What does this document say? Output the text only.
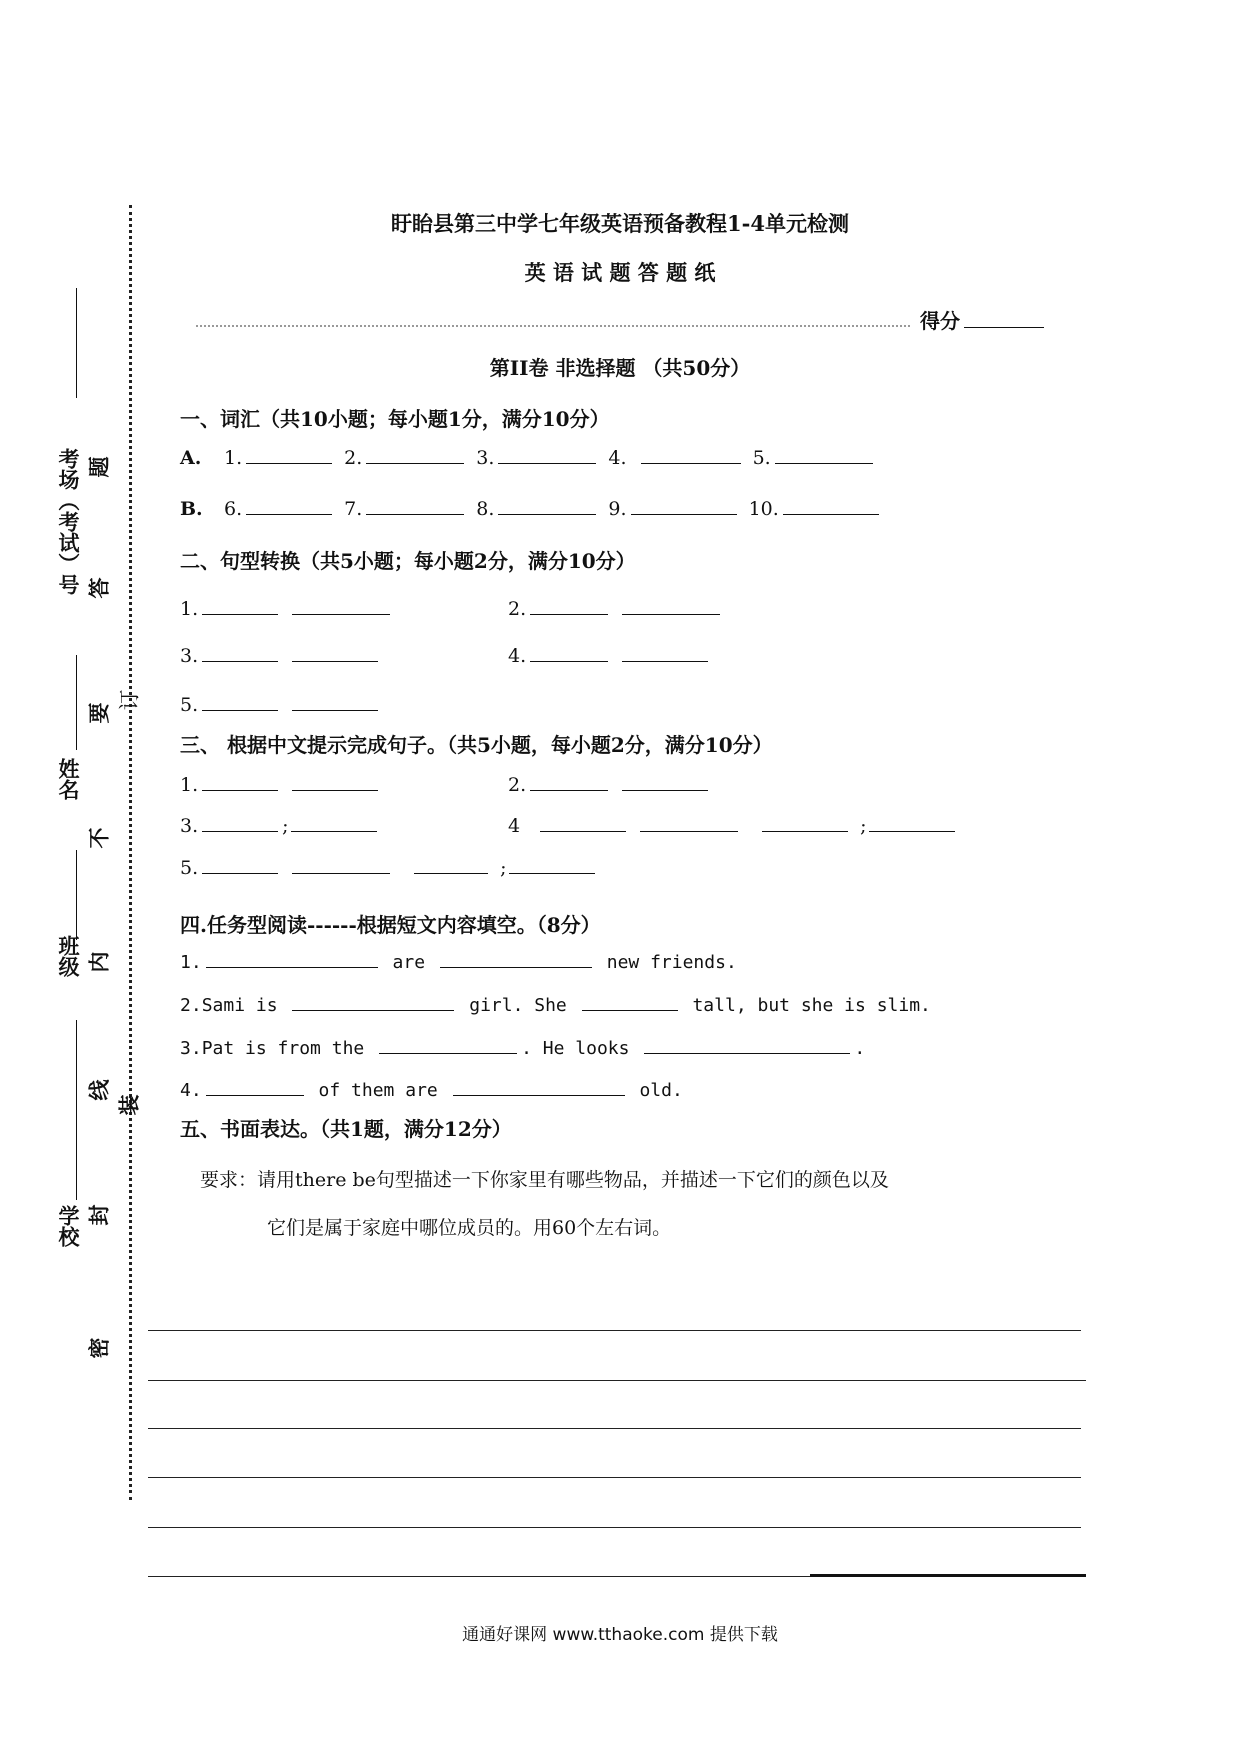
考场（考试）号
姓名
班级
学校
题
答
要
不
内
线
封
密
订
装
盱眙县第三中学七年级英语预备教程1-4单元检测
英 语 试 题 答 题 纸
得分
第II卷 非选择题 （共50分）
一、词汇（共10小题；每小题1分，满分10分）
A. 1.	2.	3.	4.	5.
B. 6.	7.	8.	9.	10.
二、句型转换（共5小题；每小题2分，满分10分）
1.	2.
3.	4.
5.
三、 根据中文提示完成句子。（共5小题，每小题2分，满分10分）
1.	2.
3.	;	4	;
5.	;
四.任务型阅读------根据短文内容填空。（8分）
1.	are	new friends.
2.Sami is	girl. She	tall, but she is slim.
3.Pat is from the	. He looks	.
4.	of them are	old.
五、书面表达。（共1题，满分12分）
要求：请用there be句型描述一下你家里有哪些物品，并描述一下它们的颜色以及
它们是属于家庭中哪位成员的。用60个左右词。
通通好课网 www.tthaoke.com 提供下载
